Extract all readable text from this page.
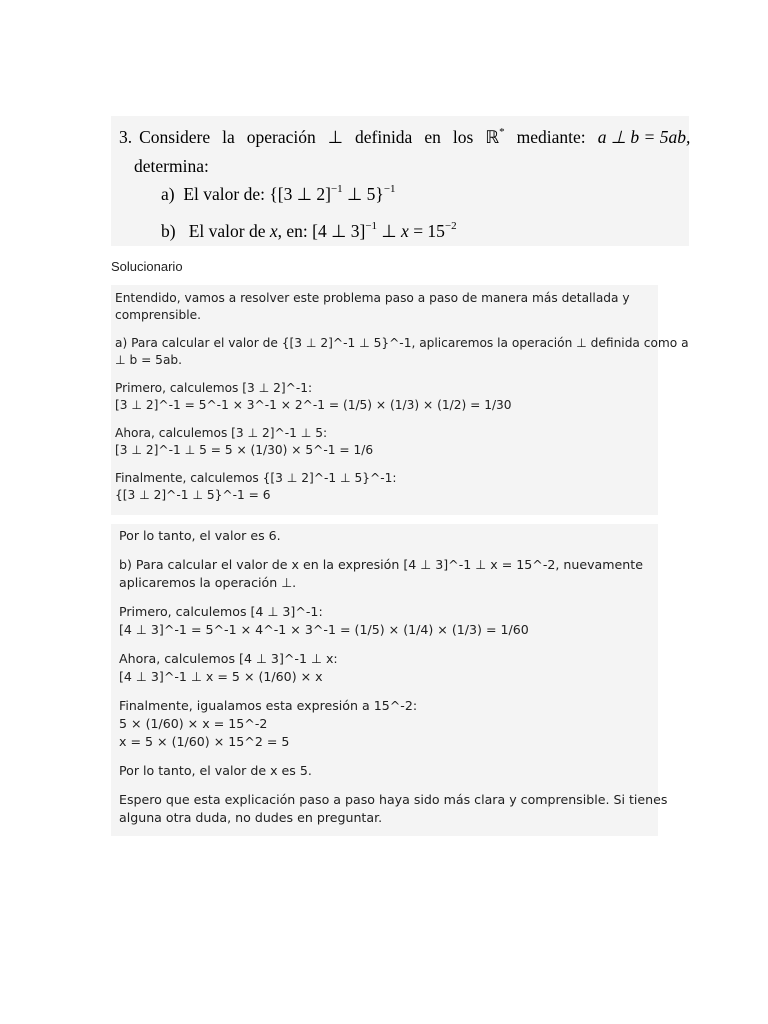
3. Considere la operación ⊥ definida en los ℝ* mediante: a ⊥ b = 5ab,
determina:
a) El valor de: {[3 ⊥ 2]$^{-1}$ ⊥ 5}$^{-1}$
b) El valor de x, en: [4 ⊥ 3]$^{-1}$ ⊥ $x = 15^{-2}$
Solucionario
Entendido, vamos a resolver este problema paso a paso de manera más detallada y
comprensible.
a) Para calcular el valor de {[3 ⊥ 2]^-1 ⊥ 5}^-1, aplicaremos la operación ⊥ definida como a
⊥ b = 5ab.
Primero, calculemos [3 ⊥ 2]^-1:
[3 ⊥ 2]^-1 = 5^-1 × 3^-1 × 2^-1 = (1/5) × (1/3) × (1/2) = 1/30
Ahora, calculemos [3 ⊥ 2]^-1 ⊥ 5:
[3 ⊥ 2]^-1 ⊥ 5 = 5 × (1/30) × 5^-1 = 1/6
Finalmente, calculemos {[3 ⊥ 2]^-1 ⊥ 5}^-1:
{[3 ⊥ 2]^-1 ⊥ 5}^-1 = 6
Por lo tanto, el valor es 6.
b) Para calcular el valor de x en la expresión [4 ⊥ 3]^-1 ⊥ x = 15^-2, nuevamente
aplicaremos la operación ⊥.
Primero, calculemos [4 ⊥ 3]^-1:
[4 ⊥ 3]^-1 = 5^-1 × 4^-1 × 3^-1 = (1/5) × (1/4) × (1/3) = 1/60
Ahora, calculemos [4 ⊥ 3]^-1 ⊥ x:
[4 ⊥ 3]^-1 ⊥ x = 5 × (1/60) × x
Finalmente, igualamos esta expresión a 15^-2:
5 × (1/60) × x = 15^-2
x = 5 × (1/60) × 15^2 = 5
Por lo tanto, el valor de x es 5.
Espero que esta explicación paso a paso haya sido más clara y comprensible. Si tienes
alguna otra duda, no dudes en preguntar.
